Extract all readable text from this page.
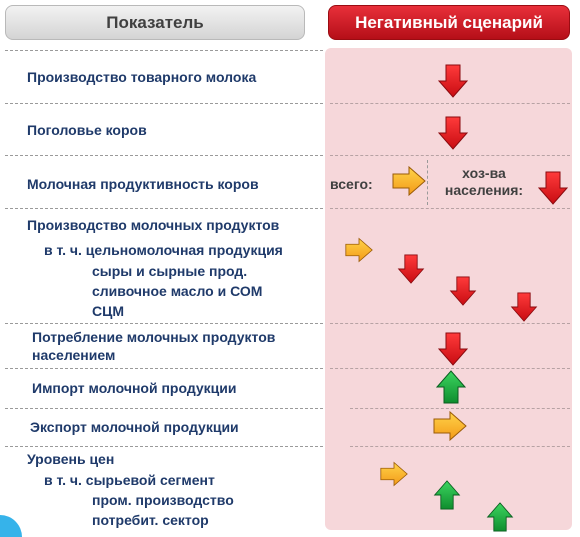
Показатель	Негативный сценарий
Производство товарного молока
Поголовье коров
Молочная продуктивность коров	всего:
хоз-ва населения:
Производство молочных продуктов
в т. ч. цельномолочная продукция
сыры и сырные прод.
сливочное масло и СОМ
СЦМ
Потребление молочных продуктов
населением
Импорт молочной продукции
Экспорт молочной продукции
Уровень цен
в т. ч. сырьевой сегмент
пром. производство
потребит. сектор
